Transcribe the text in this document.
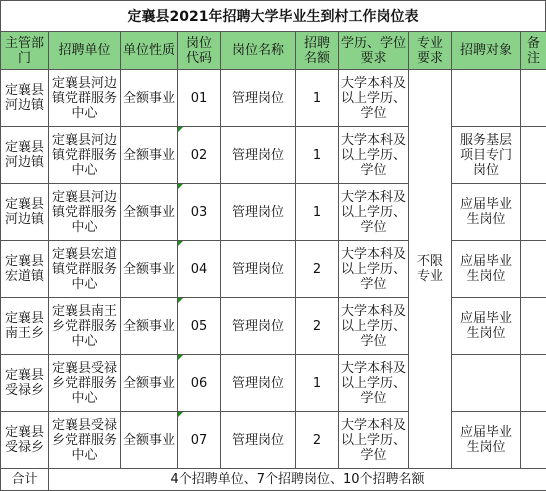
定襄县2021年招聘大学毕业生到村工作岗位表
主管部门	招聘单位	单位性质	岗位代码	岗位名称	招聘名额	学历、学位要求	专业要求	招聘对象	备注

定襄县河边镇	定襄县河边镇党群服务中心	全额事业	01	管理岗位	1	大学本科及以上学历、学位	不限专业		

定襄县河边镇	定襄县河边镇党群服务中心	全额事业	02	管理岗位	1	大学本科及以上学历、学位		服务基层项目专门岗位	

定襄县河边镇	定襄县河边镇党群服务中心	全额事业	03	管理岗位	1	大学本科及以上学历、学位		应届毕业生岗位	

定襄县宏道镇	定襄县宏道镇党群服务中心	全额事业	04	管理岗位	2	大学本科及以上学历、学位		应届毕业生岗位	

定襄县南王乡	定襄县南王乡党群服务中心	全额事业	05	管理岗位	2	大学本科及以上学历、学位		应届毕业生岗位	

定襄县受禄乡	定襄县受禄乡党群服务中心	全额事业	06	管理岗位	1	大学本科及以上学历、学位			

定襄县受禄乡	定襄县受禄乡党群服务中心	全额事业	07	管理岗位	2	大学本科及以上学历、学位		应届毕业生岗位	

合计	4个招聘单位、7个招聘岗位、10个招聘名额								
